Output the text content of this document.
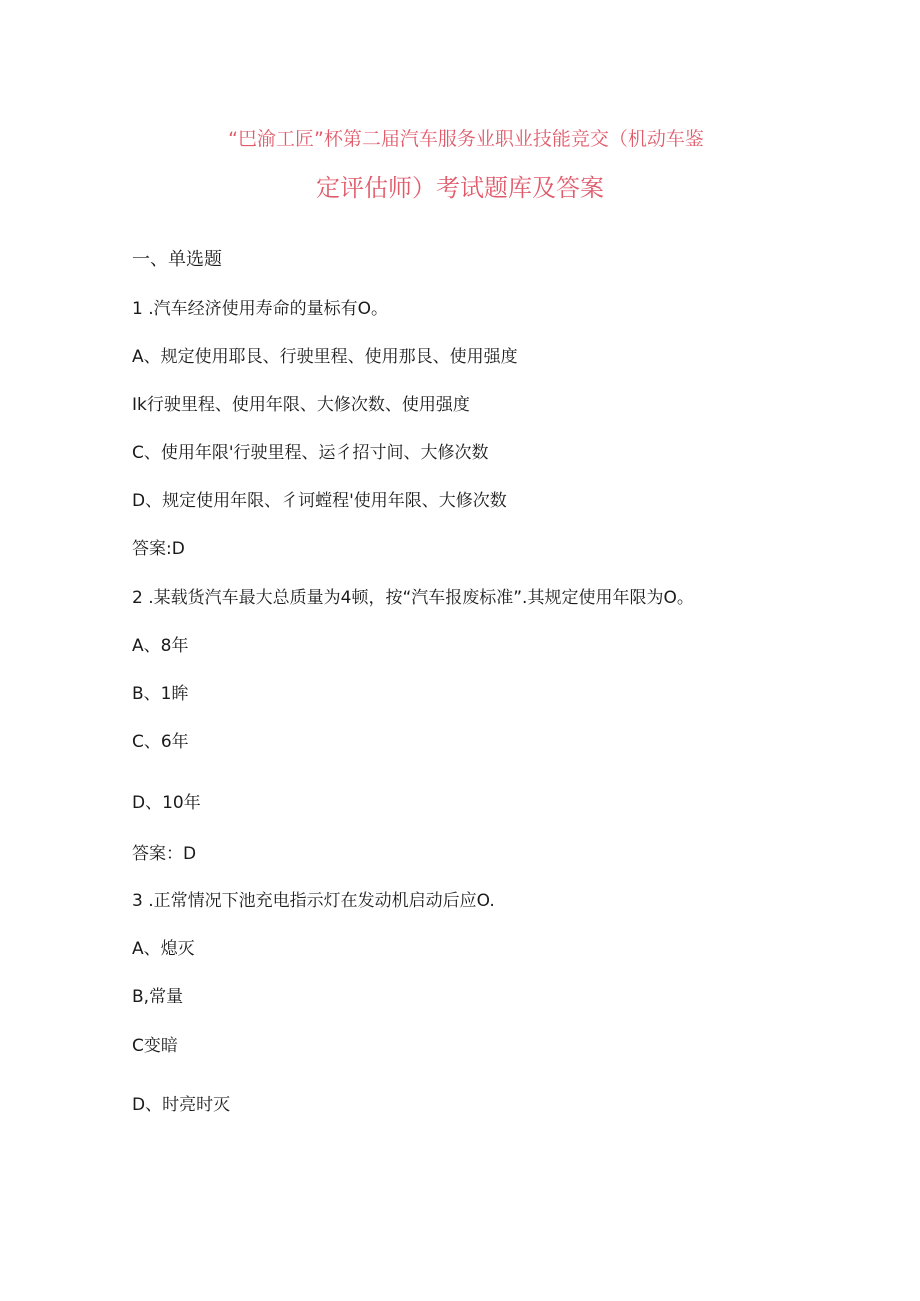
“巴渝工匠”杯第二届汽车服务业职业技能竞交（机动车鉴
定评估师）考试题库及答案
一、单选题
1 .汽车经济使用寿命的量标有O。
A、规定使用耶艮、行驶里程、使用那艮、使用强度
Ik行驶里程、使用年限、大修次数、使用强度
C、使用年限'行驶里程、运彳招寸间、大修次数
D、规定使用年限、彳诃螳程'使用年限、大修次数
答案:D
2 .某载货汽车最大总质量为4顿，按“汽车报废标准”.其规定使用年限为O。
A、8年
B、1眸
C、6年
D、10年
答案：D
3 .正常情况下池充电指示灯在发动机启动后应O.
A、熄灭
B,常量
C变暗
D、时亮时灭
